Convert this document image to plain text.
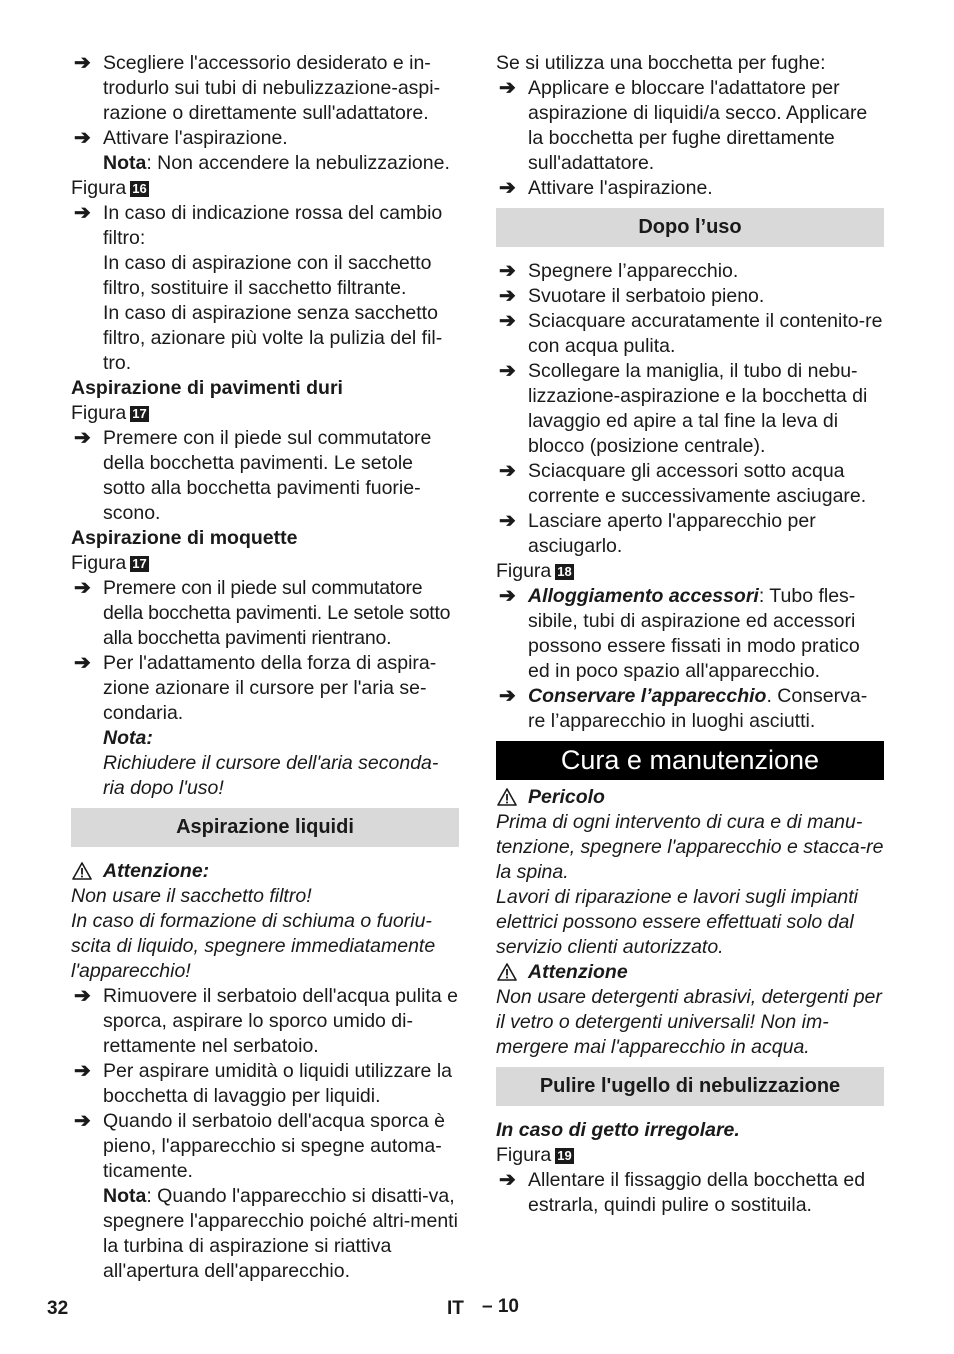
➔ Scegliere l'accessorio desiderato e in-trodurlo sui tubi di nebulizzazione-aspi-razione o direttamente sull'adattatore.
➔ Attivare l'aspirazione.
Nota: Non accendere la nebulizzazione.
Figura 16
➔ In caso di indicazione rossa del cambio filtro:
In caso di aspirazione con il sacchetto filtro, sostituire il sacchetto filtrante.
In caso di aspirazione senza sacchetto filtro, azionare più volte la pulizia del fil-tro.
Aspirazione di pavimenti duri
Figura 17
➔ Premere con il piede sul commutatore della bocchetta pavimenti. Le setole sotto alla bocchetta pavimenti fuorie-scono.
Aspirazione di moquette
Figura 17
➔ Premere con il piede sul commutatore della bocchetta pavimenti. Le setole sotto alla bocchetta pavimenti rientrano.
➔ Per l'adattamento della forza di aspira-zione azionare il cursore per l'aria se-condaria.
Nota:
Richiudere il cursore dell'aria seconda-ria dopo l'uso!
Aspirazione liquidi
Attenzione:
Non usare il sacchetto filtro!
In caso di formazione di schiuma o fuoriu-scita di liquido, spegnere immediatamente l'apparecchio!
➔ Rimuovere il serbatoio dell'acqua pulita e sporca, aspirare lo sporco umido di-rettamente nel serbatoio.
➔ Per aspirare umidità o liquidi utilizzare la bocchetta di lavaggio per liquidi.
➔ Quando il serbatoio dell'acqua sporca è pieno, l'apparecchio si spegne automa-ticamente.
Nota: Quando l'apparecchio si disatti-va, spegnere l'apparecchio poiché altri-menti la turbina di aspirazione si riattiva all'apertura dell'apparecchio.
Se si utilizza una bocchetta per fughe:
➔ Applicare e bloccare l'adattatore per aspirazione di liquidi/a secco. Applicare la bocchetta per fughe direttamente sull'adattatore.
➔ Attivare l'aspirazione.
Dopo l’uso
➔ Spegnere l’apparecchio.
➔ Svuotare il serbatoio pieno.
➔ Sciacquare accuratamente il contenito-re con acqua pulita.
➔ Scollegare la maniglia, il tubo di nebu-lizzazione-aspirazione e la bocchetta di lavaggio ed apire a tal fine la leva di blocco (posizione centrale).
➔ Sciacquare gli accessori sotto acqua corrente e successivamente asciugare.
➔ Lasciare aperto l'apparecchio per asciugarlo.
Figura 18
➔ Alloggiamento accessori: Tubo fles-sibile, tubi di aspirazione ed accessori possono essere fissati in modo pratico ed in poco spazio all'apparecchio.
➔ Conservare l’apparecchio. Conserva-re l’apparecchio in luoghi asciutti.
Cura e manutenzione
Pericolo
Prima di ogni intervento di cura e di manu-tenzione, spegnere l'apparecchio e stacca-re la spina.
Lavori di riparazione e lavori sugli impianti elettrici possono essere effettuati solo dal servizio clienti autorizzato.
Attenzione
Non usare detergenti abrasivi, detergenti per il vetro o detergenti universali! Non im-mergere mai l'apparecchio in acqua.
Pulire l'ugello di nebulizzazione
In caso di getto irregolare.
Figura 19
➔ Allentare il fissaggio della bocchetta ed estrarla, quindi pulire o sostituila.
32	IT – 10
